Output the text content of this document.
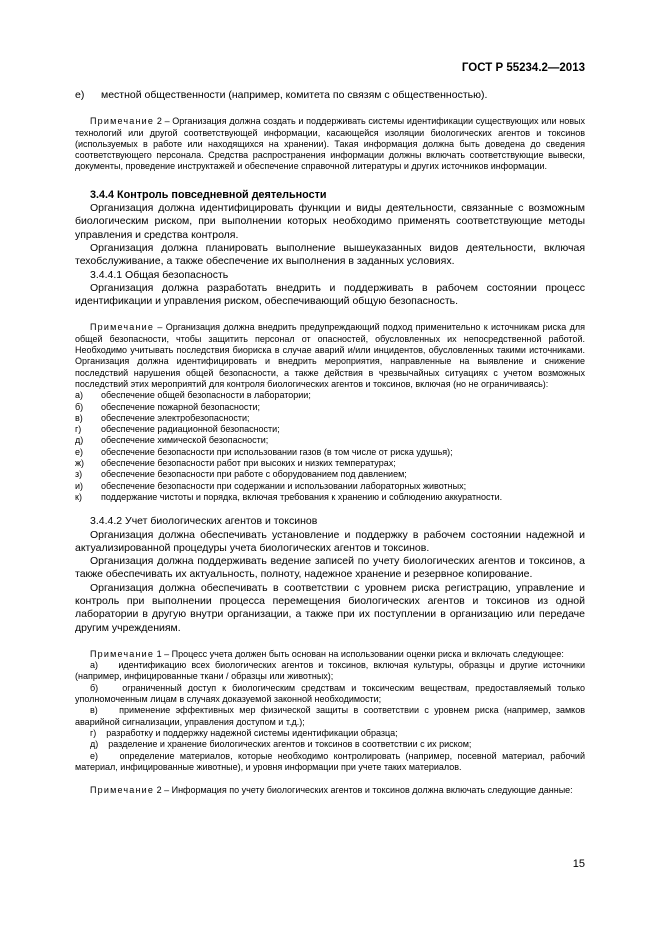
ГОСТ Р 55234.2—2013
е)	местной общественности (например, комитета по связям с общественностью).
Примечание 2 – Организация должна создать и поддерживать системы идентификации существующих или новых технологий или другой соответствующей информации, касающейся изоляции биологических агентов и токсинов (используемых в работе или находящихся на хранении). Такая информация должна быть доведена до сведения соответствующего персонала. Средства распространения информации должны включать соответствующие вывески, документы, проведение инструктажей и обеспечение справочной литературы и других источников информации.
3.4.4 Контроль повседневной деятельности
Организация должна идентифицировать функции и виды деятельности, связанные с возможным биологическим риском, при выполнении которых необходимо применять соответствующие методы управления и средства контроля.
Организация должна планировать выполнение вышеуказанных видов деятельности, включая техобслуживание, а также обеспечение их выполнения в заданных условиях.
3.4.4.1 Общая безопасность
Организация должна разработать внедрить и поддерживать в рабочем состоянии процесс идентификации и управления риском, обеспечивающий общую безопасность.
Примечание – Организация должна внедрить предупреждающий подход применительно к источникам риска для общей безопасности, чтобы защитить персонал от опасностей, обусловленных их непосредственной работой. Необходимо учитывать последствия биориска в случае аварий и/или инцидентов, обусловленных такими источниками. Организация должна идентифицировать и внедрить мероприятия, направленные на выявление и снижение последствий нарушения общей безопасности, а также действия в чрезвычайных ситуациях с учетом возможных последствий этих мероприятий для контроля биологических агентов и токсинов, включая (но не ограничиваясь):
а)	обеспечение общей безопасности в лаборатории;
б)	обеспечение пожарной безопасности;
в)	обеспечение электробезопасности;
г)	обеспечение радиационной безопасности;
д)	обеспечение химической безопасности;
е)	обеспечение безопасности при использовании газов (в том числе от риска удушья);
ж)	обеспечение безопасности работ при высоких и низких температурах;
з)	обеспечение безопасности при работе с оборудованием под давлением;
и)	обеспечение безопасности при содержании и использовании лабораторных животных;
к)	поддержание чистоты и порядка, включая требования к хранению и соблюдению аккуратности.
3.4.4.2 Учет биологических агентов и токсинов
Организация должна обеспечивать установление и поддержку в рабочем состоянии надежной и актуализированной процедуры учета биологических агентов и токсинов.
Организация должна поддерживать ведение записей по учету биологических агентов и токсинов, а также обеспечивать их актуальность, полноту, надежное хранение и резервное копирование.
Организация должна обеспечивать в соответствии с уровнем риска регистрацию, управление и контроль при выполнении процесса перемещения биологических агентов и токсинов из одной лаборатории в другую внутри организации, а также при их поступлении в организацию или передаче другим учреждениям.
Примечание 1 – Процесс учета должен быть основан на использовании оценки риска и включать следующее:
а) идентификацию всех биологических агентов и токсинов, включая культуры, образцы и другие источники (например, инфицированные ткани / образцы или животных);
б)	ограниченный доступ к биологическим средствам и токсическим веществам, предоставляемый только уполномоченным лицам в случаях доказуемой законной необходимости;
в) применение эффективных мер физической защиты в соответствии с уровнем риска (например, замков аварийной сигнализации, управления доступом и т.д.);
г) разработку и поддержку надежной системы идентификации образца;
д) разделение и хранение биологических агентов и токсинов в соответствии с их риском;
е) определение материалов, которые необходимо контролировать (например, посевной материал, рабочий материал, инфицированные животные), и уровня информации при учете таких материалов.
Примечание 2 – Информация по учету биологических агентов и токсинов должна включать следующие данные:
15
